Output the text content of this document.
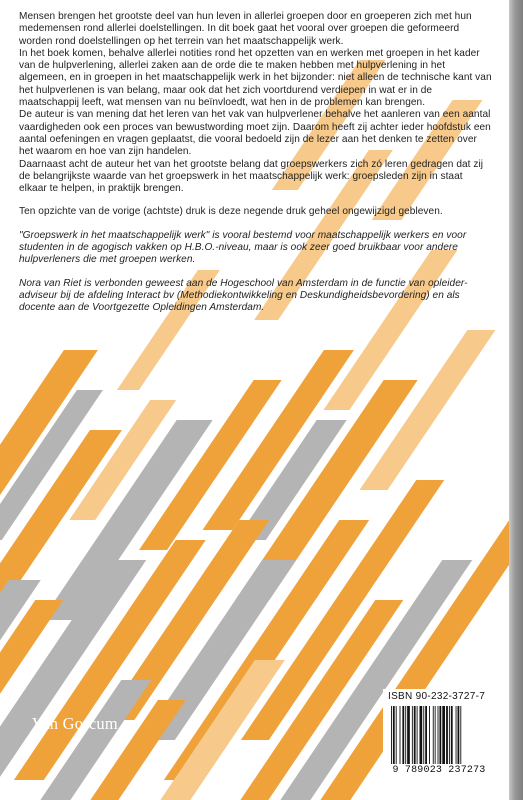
Mensen brengen het grootste deel van hun leven in allerlei groepen door en groeperen zich met hun medemensen rond allerlei doelstellingen. In dit boek gaat het vooral over groepen die geformeerd worden rond doelstellingen op het terrein van het maatschappelijk werk.

In het boek komen, behalve allerlei notities rond het opzetten van en werken met groepen in het kader van de hulpverlening, allerlei zaken aan de orde die te maken hebben met hulpverlening in het algemeen, en in groepen in het maatschappelijk werk in het bijzonder: niet alleen de technische kant van het hulpverlenen is van belang, maar ook dat het zich voortdurend verdiepen in wat er in de maatschappij leeft, wat mensen van nu beïnvloedt, wat hen in de problemen kan brengen.

De auteur is van mening dat het leren van het vak van hulpverlener behalve het aanleren van een aantal vaardigheden ook een proces van bewustwording moet zijn. Daarom heeft zij achter ieder hoofdstuk een aantal oefeningen en vragen geplaatst, die vooral bedoeld zijn de lezer aan het denken te zetten over het waarom en hoe van zijn handelen.

Daarnaast acht de auteur het van het grootste belang dat groepswerkers zich zó leren gedragen dat zij de belangrijkste waarde van het groepswerk in het maatschappelijk werk: groepsleden zijn in staat elkaar te helpen, in praktijk brengen.

Ten opzichte van de vorige (achtste) druk is deze negende druk geheel ongewijzigd gebleven.

"Groepswerk in het maatschappelijk werk" is vooral bestemd voor maatschappelijk werkers en voor studenten in de agogisch vakken op H.B.O.-niveau, maar is ook zeer goed bruikbaar voor andere hulpverleners die met groepen werken.

Nora van Riet is verbonden geweest aan de Hogeschool van Amsterdam in de functie van opleider-adviseur bij de afdeling Interact bv (Methodiekontwikkeling en Deskundigheidsbevordering) en als docente aan de Voortgezette Opleidingen Amsterdam.

♛
Van Gorcum
ISBN 90-232-3727-7
9 789023 237273
